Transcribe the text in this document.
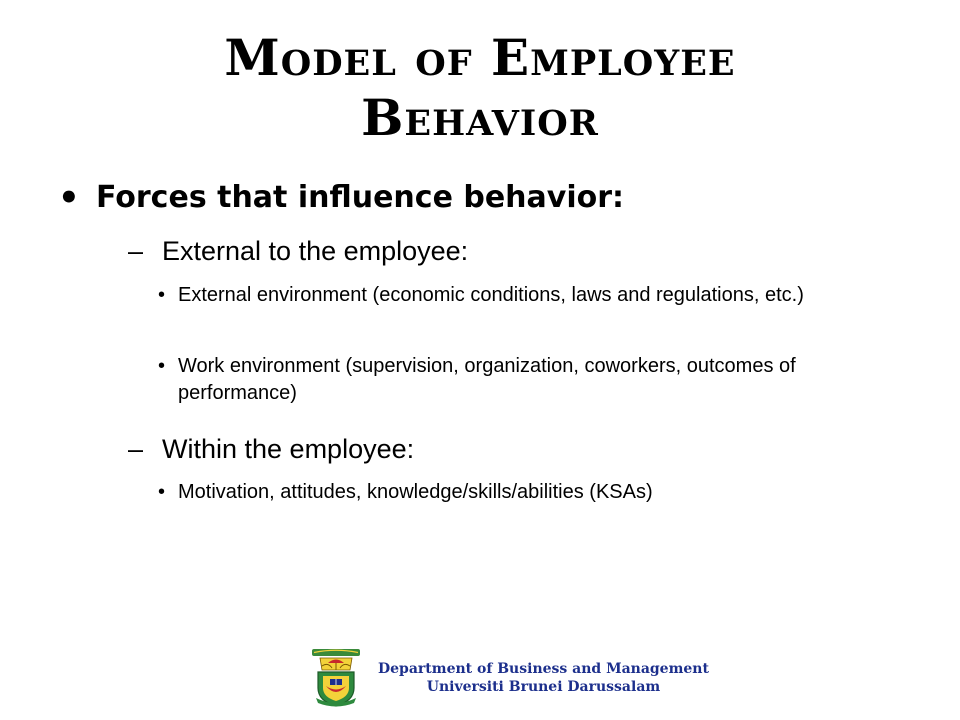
Model of Employee
Behavior
• Forces that influence behavior:
– External to the employee:
• External environment (economic conditions, laws and regulations, etc.)
• Work environment (supervision, organization, coworkers, outcomes of performance)
– Within the employee:
• Motivation, attitudes, knowledge/skills/abilities (KSAs)
Department of Business and Management
Universiti Brunei Darussalam
